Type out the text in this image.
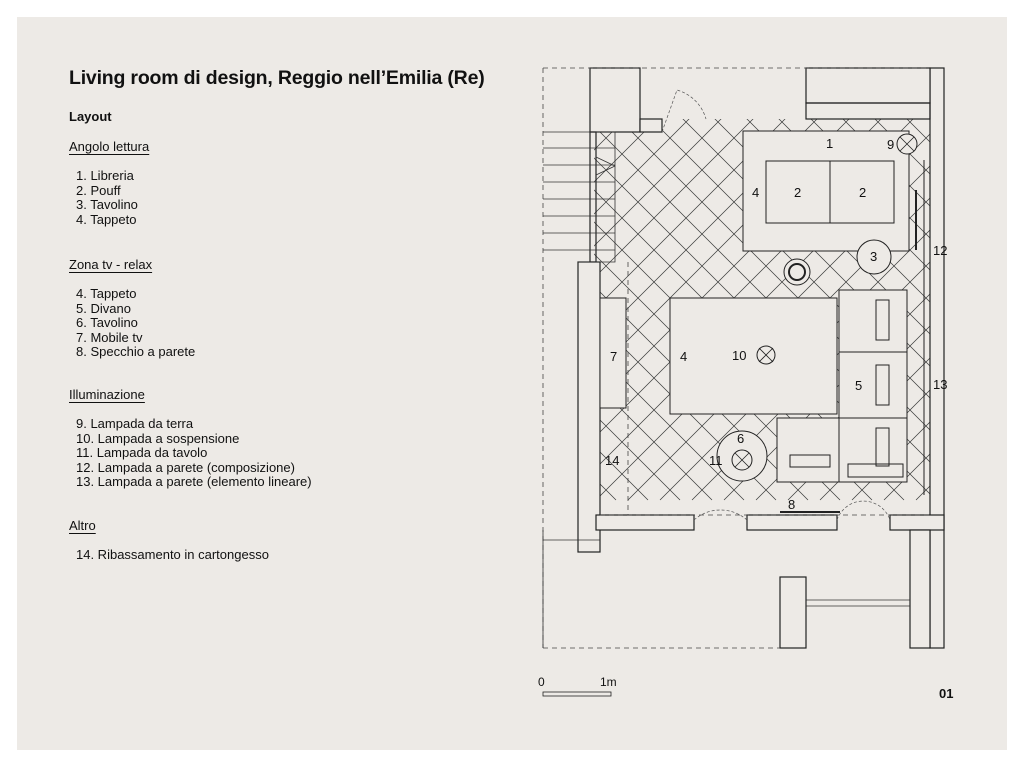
Living room di design, Reggio nell’Emilia (Re)
Layout
Angolo lettura
1. Libreria
2. Pouff
3. Tavolino
4. Tappeto
Zona tv - relax
4. Tappeto
5. Divano
6. Tavolino
7. Mobile tv
8. Specchio a parete
Illuminazione
9. Lampada da terra
10. Lampada a sospensione
11. Lampada da tavolo
12. Lampada a parete (composizione)
13. Lampada a parete (elemento lineare)
Altro
14. Ribassamento in cartongesso
1
2	2
3
4
4
5
6
7
8
9
10
11
12
13
14
0	1m
01
